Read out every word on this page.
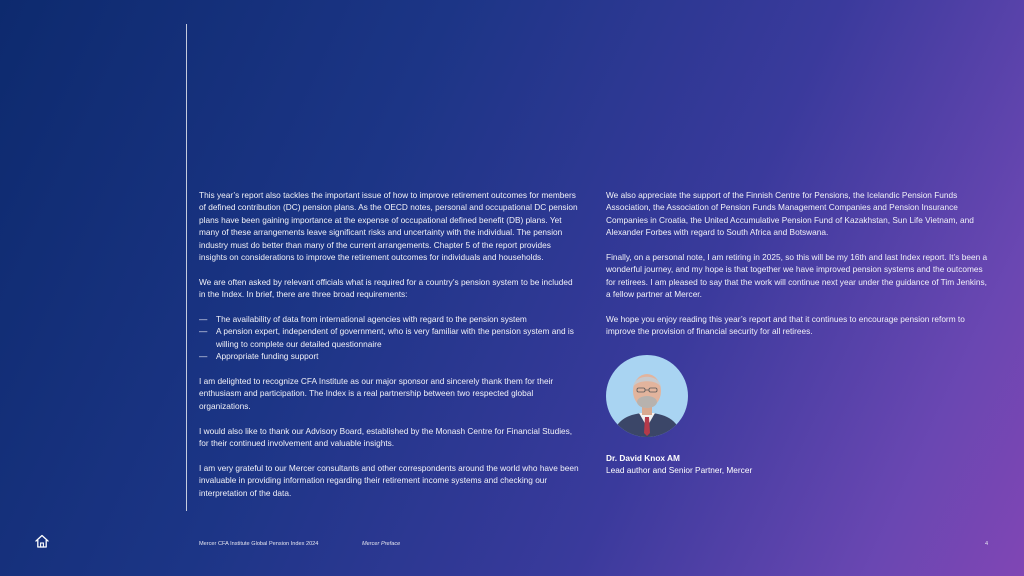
This year’s report also tackles the important issue of how to improve retirement outcomes for members of defined contribution (DC) pension plans. As the OECD notes, personal and occupational DC pension plans have been gaining importance at the expense of occupational defined benefit (DB) plans. Yet many of these arrangements leave significant risks and uncertainty with the individual. The pension industry must do better than many of the current arrangements. Chapter 5 of the report provides insights on considerations to improve the retirement outcomes for individuals and households.

We are often asked by relevant officials what is required for a country’s pension system to be included in the Index. In brief, there are three broad requirements:

— The availability of data from international agencies with regard to the pension system
— A pension expert, independent of government, who is very familiar with the pension system and is willing to complete our detailed questionnaire
— Appropriate funding support

I am delighted to recognize CFA Institute as our major sponsor and sincerely thank them for their enthusiasm and participation. The Index is a real partnership between two respected global organizations.

I would also like to thank our Advisory Board, established by the Monash Centre for Financial Studies, for their continued involvement and valuable insights.

I am very grateful to our Mercer consultants and other correspondents around the world who have been invaluable in providing information regarding their retirement income systems and checking our interpretation of the data.

We also appreciate the support of the Finnish Centre for Pensions, the Icelandic Pension Funds Association, the Association of Pension Funds Management Companies and Pension Insurance Companies in Croatia, the United Accumulative Pension Fund of Kazakhstan, Sun Life Vietnam, and Alexander Forbes with regard to South Africa and Botswana.

Finally, on a personal note, I am retiring in 2025, so this will be my 16th and last Index report. It’s been a wonderful journey, and my hope is that together we have improved pension systems and the outcomes for retirees. I am pleased to say that the work will continue next year under the guidance of Tim Jenkins, a fellow partner at Mercer.

We hope you enjoy reading this year’s report and that it continues to encourage pension reform to improve the provision of financial security for all retirees.

Dr. David Knox AM
Lead author and Senior Partner, Mercer
Mercer CFA Institute Global Pension Index 2024	Mercer Preface	4
